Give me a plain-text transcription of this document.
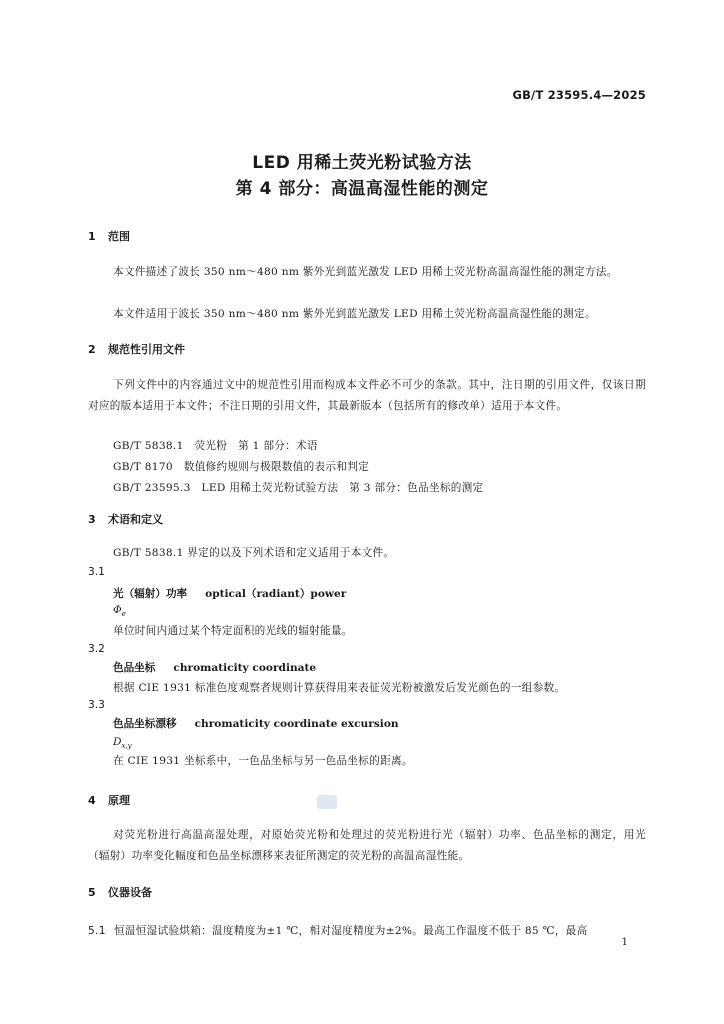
GB/T 23595.4—2025
LED 用稀土荧光粉试验方法
第 4 部分：高温高湿性能的测定
1 范围
本文件描述了波长 350 nm～480 nm 紫外光到蓝光激发 LED 用稀土荧光粉高温高湿性能的测定方法。
本文件适用于波长 350 nm～480 nm 紫外光到蓝光激发 LED 用稀土荧光粉高温高湿性能的测定。
2 规范性引用文件
下列文件中的内容通过文中的规范性引用而构成本文件必不可少的条款。其中，注日期的引用文件，仅该日期对应的版本适用于本文件；不注日期的引用文件，其最新版本（包括所有的修改单）适用于本文件。
GB/T 5838.1　荧光粉　第 1 部分：术语
GB/T 8170　数值修约规则与极限数值的表示和判定
GB/T 23595.3　LED 用稀土荧光粉试验方法　第 3 部分：色品坐标的测定
3 术语和定义
GB/T 5838.1 界定的以及下列术语和定义适用于本文件。
3.1
光（辐射）功率 optical（radiant）power
$\Phi_e$
单位时间内通过某个特定面积的光线的辐射能量。
3.2
色品坐标 chromaticity coordinate
根据 CIE 1931 标准色度观察者规则计算获得用来表征荧光粉被激发后发光颜色的一组参数。
3.3
色品坐标漂移 chromaticity coordinate excursion
$D_{x,y}$
在 CIE 1931 坐标系中，一色品坐标与另一色品坐标的距离。
4 原理
对荧光粉进行高温高湿处理，对原始荧光粉和处理过的荧光粉进行光（辐射）功率、色品坐标的测定，用光（辐射）功率变化幅度和色品坐标漂移来表征所测定的荧光粉的高温高湿性能。
5 仪器设备
5.1 恒温恒湿试验烘箱：温度精度为±1 ℃，相对湿度精度为±2%。最高工作温度不低于 85 ℃，最高
1
